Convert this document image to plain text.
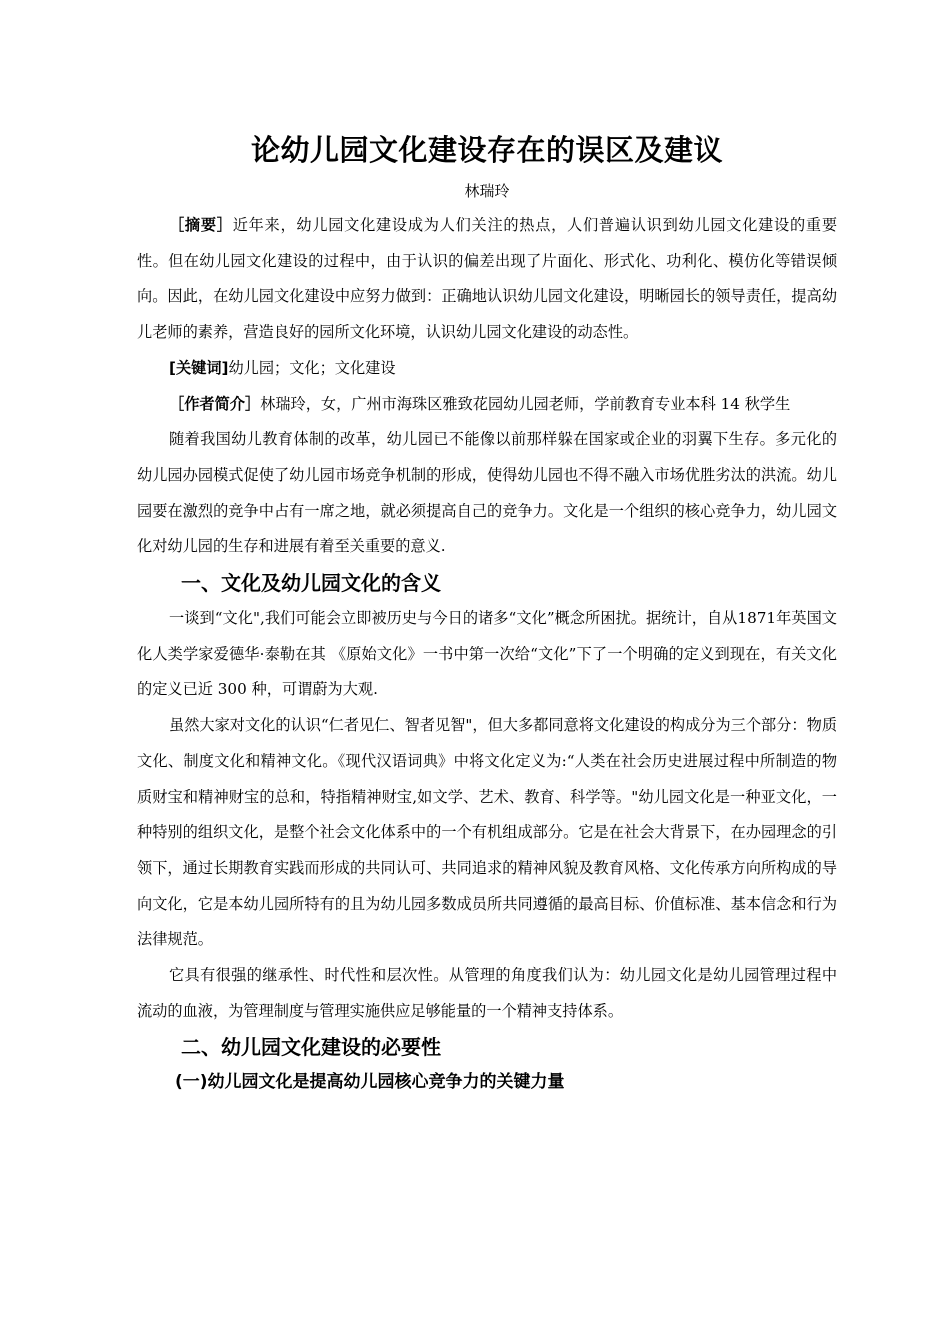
论幼儿园文化建设存在的误区及建议
林瑞玲

［摘要］近年来，幼儿园文化建设成为人们关注的热点，人们普遍认识到幼儿园文化建设的重要性。但在幼儿园文化建设的过程中，由于认识的偏差出现了片面化、形式化、功利化、模仿化等错误倾向。因此，在幼儿园文化建设中应努力做到：正确地认识幼儿园文化建设，明晰园长的领导责任，提高幼儿老师的素养，营造良好的园所文化环境，认识幼儿园文化建设的动态性。

[关键词]幼儿园；文化；文化建设

［作者简介］林瑞玲，女，广州市海珠区雅致花园幼儿园老师，学前教育专业本科 14 秋学生

随着我国幼儿教育体制的改革，幼儿园已不能像以前那样躲在国家或企业的羽翼下生存。多元化的幼儿园办园模式促使了幼儿园市场竞争机制的形成，使得幼儿园也不得不融入市场优胜劣汰的洪流。幼儿园要在激烈的竞争中占有一席之地，就必须提高自己的竞争力。文化是一个组织的核心竞争力，幼儿园文化对幼儿园的生存和进展有着至关重要的意义.

一、文化及幼儿园文化的含义

一谈到“文化",我们可能会立即被历史与今日的诸多“文化”概念所困扰。据统计，自从1871年英国文化人类学家爱德华·泰勒在其 《原始文化》一书中第一次给“文化”下了一个明确的定义到现在，有关文化的定义已近 300 种，可谓蔚为大观.

虽然大家对文化的认识“仁者见仁、智者见智"，但大多都同意将文化建设的构成分为三个部分：物质文化、制度文化和精神文化。《现代汉语词典》中将文化定义为:“人类在社会历史进展过程中所制造的物质财宝和精神财宝的总和，特指精神财宝,如文学、艺术、教育、科学等。"幼儿园文化是一种亚文化，一种特别的组织文化，是整个社会文化体系中的一个有机组成部分。它是在社会大背景下，在办园理念的引领下，通过长期教育实践而形成的共同认可、共同追求的精神风貌及教育风格、文化传承方向所构成的导向文化，它是本幼儿园所特有的且为幼儿园多数成员所共同遵循的最高目标、价值标准、基本信念和行为法律规范。

它具有很强的继承性、时代性和层次性。从管理的角度我们认为：幼儿园文化是幼儿园管理过程中流动的血液，为管理制度与管理实施供应足够能量的一个精神支持体系。

二、幼儿园文化建设的必要性
(一)幼儿园文化是提高幼儿园核心竞争力的关键力量
